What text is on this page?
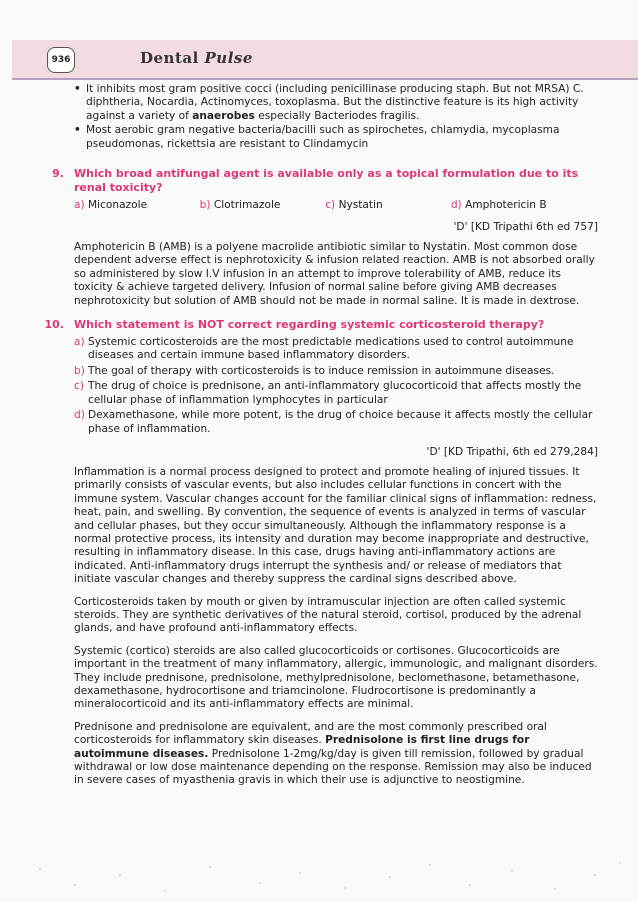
936	Dental Pulse
• It inhibits most gram positive cocci (including penicillinase producing staph. But not MRSA) C. diphtheria, Nocardia, Actinomyces, toxoplasma. But the distinctive feature is its high activity against a variety of anaerobes especially Bacteriodes fragilis.
• Most aerobic gram negative bacteria/bacilli such as spirochetes, chlamydia, mycoplasma pseudomonas, rickettsia are resistant to Clindamycin
9. Which broad antifungal agent is available only as a topical formulation due to its renal toxicity?
a) Miconazole	b) Clotrimazole	c) Nystatin	d) Amphotericin B
'D' [KD Tripathi 6th ed 757]
Amphotericin B (AMB) is a polyene macrolide antibiotic similar to Nystatin. Most common dose dependent adverse effect is nephrotoxicity & infusion related reaction. AMB is not absorbed orally so administered by slow I.V infusion in an attempt to improve tolerability of AMB, reduce its toxicity & achieve targeted delivery. Infusion of normal saline before giving AMB decreases nephrotoxicity but solution of AMB should not be made in normal saline. It is made in dextrose.
10. Which statement is NOT correct regarding systemic corticosteroid therapy?
a) Systemic corticosteroids are the most predictable medications used to control autoimmune diseases and certain immune based inflammatory disorders.
b) The goal of therapy with corticosteroids is to induce remission in autoimmune diseases.
c) The drug of choice is prednisone, an anti-inflammatory glucocorticoid that affects mostly the cellular phase of inflammation lymphocytes in particular
d) Dexamethasone, while more potent, is the drug of choice because it affects mostly the cellular phase of inflammation.
'D' [KD Tripathi, 6th ed 279,284]
Inflammation is a normal process designed to protect and promote healing of injured tissues. It primarily consists of vascular events, but also includes cellular functions in concert with the immune system. Vascular changes account for the familiar clinical signs of inflammation: redness, heat, pain, and swelling. By convention, the sequence of events is analyzed in terms of vascular and cellular phases, but they occur simultaneously. Although the inflammatory response is a normal protective process, its intensity and duration may become inappropriate and destructive, resulting in inflammatory disease. In this case, drugs having anti-inflammatory actions are indicated. Anti-inflammatory drugs interrupt the synthesis and/ or release of mediators that initiate vascular changes and thereby suppress the cardinal signs described above.
Corticosteroids taken by mouth or given by intramuscular injection are often called systemic steroids. They are synthetic derivatives of the natural steroid, cortisol, produced by the adrenal glands, and have profound anti-inflammatory effects.
Systemic (cortico) steroids are also called glucocorticoids or cortisones. Glucocorticoids are important in the treatment of many inflammatory, allergic, immunologic, and malignant disorders. They include prednisone, prednisolone, methylprednisolone, beclomethasone, betamethasone, dexamethasone, hydrocortisone and triamcinolone. Fludrocortisone is predominantly a mineralocorticoid and its anti-inflammatory effects are minimal.
Prednisone and prednisolone are equivalent, and are the most commonly prescribed oral corticosteroids for inflammatory skin diseases. Prednisolone is first line drugs for autoimmune diseases. Prednisolone 1-2mg/kg/day is given till remission, followed by gradual withdrawal or low dose maintenance depending on the response. Remission may also be induced in severe cases of myasthenia gravis in which their use is adjunctive to neostigmine.
